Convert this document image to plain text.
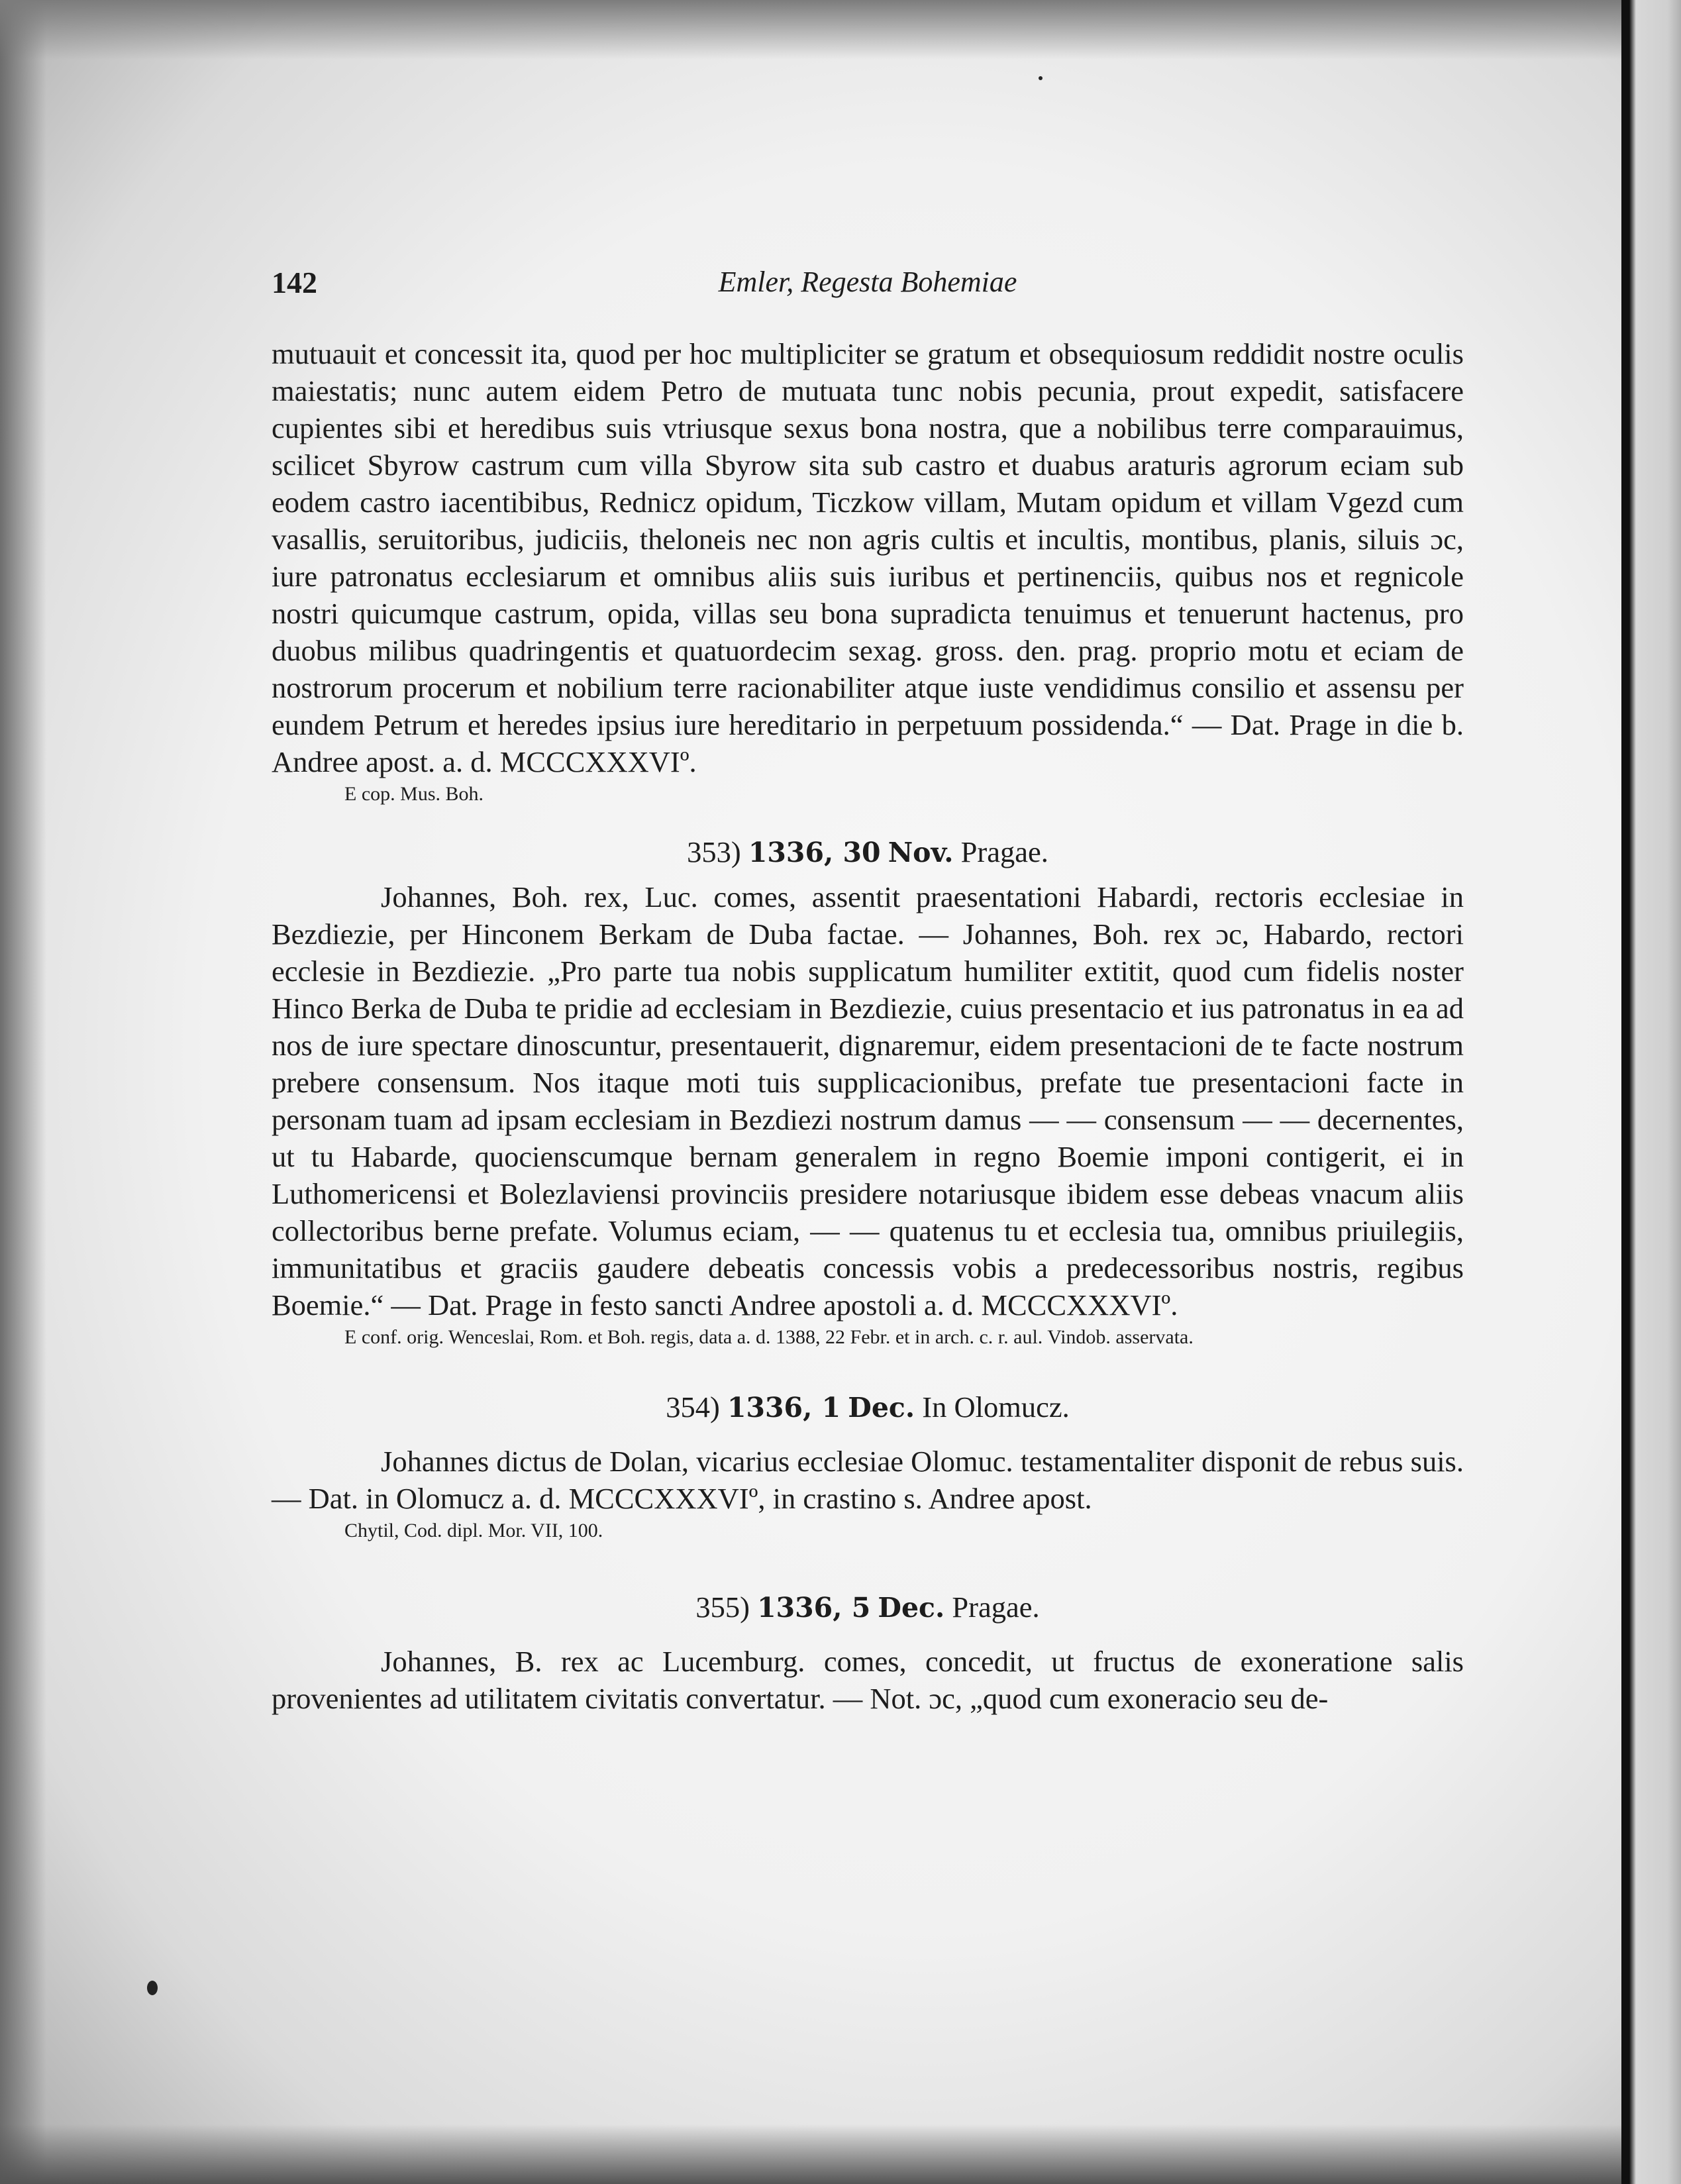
142	Emler, Regesta Bohemiae

mutuauit et concessit ita, quod per hoc multipliciter se gratum et obsequiosum reddidit nostre oculis maiestatis; nunc autem eidem Petro de mutuata tunc nobis pecunia, prout expedit, satisfacere cupientes sibi et heredibus suis vtriusque sexus bona nostra, que a nobilibus terre comparauimus, scilicet Sbyrow castrum cum villa Sbyrow sita sub castro et duabus araturis agrorum eciam sub eodem castro iacentibibus, Rednicz opidum, Ticzkow villam, Mutam opidum et villam Vgezd cum vasallis, seruitoribus, judiciis, theloneis nec non agris cultis et incultis, montibus, planis, siluis ɔc, iure patronatus ecclesiarum et omnibus aliis suis iuribus et pertinenciis, quibus nos et regnicole nostri quicumque castrum, opida, villas seu bona supradicta tenuimus et tenuerunt hactenus, pro duobus milibus quadringentis et quatuordecim sexag. gross. den. prag. proprio motu et eciam de nostrorum procerum et nobilium terre racionabiliter atque iuste vendidimus consilio et assensu per eundem Petrum et heredes ipsius iure hereditario in perpetuum possidenda.“ — Dat. Prage in die b. Andree apost. a. d. MCCCXXXVIº.

E cop. Mus. Boh.

353) 1336, 30 Nov. Pragae.

Johannes, Boh. rex, Luc. comes, assentit praesentationi Habardi, rectoris ecclesiae in Bezdiezie, per Hinconem Berkam de Duba factae. — Johannes, Boh. rex ɔc, Habardo, rectori ecclesie in Bezdiezie. „Pro parte tua nobis supplicatum humiliter extitit, quod cum fidelis noster Hinco Berka de Duba te pridie ad ecclesiam in Bezdiezie, cuius presentacio et ius patronatus in ea ad nos de iure spectare dinoscuntur, presentauerit, dignaremur, eidem presentacioni de te facte nostrum prebere consensum. Nos itaque moti tuis supplicacionibus, prefate tue presentacioni facte in personam tuam ad ipsam ecclesiam in Bezdiezi nostrum damus — — consensum — — decernentes, ut tu Habarde, quocienscumque bernam generalem in regno Boemie imponi contigerit, ei in Luthomericensi et Bolezlaviensi provinciis presidere notariusque ibidem esse debeas vnacum aliis collectoribus berne prefate. Volumus eciam, — — quatenus tu et ecclesia tua, omnibus priuilegiis, immunitatibus et graciis gaudere debeatis concessis vobis a predecessoribus nostris, regibus Boemie.“ — Dat. Prage in festo sancti Andree apostoli a. d. MCCCXXXVIº.

E conf. orig. Wenceslai, Rom. et Boh. regis, data a. d. 1388, 22 Febr. et in arch. c. r. aul. Vindob. asservata.

354) 1336, 1 Dec. In Olomucz.

Johannes dictus de Dolan, vicarius ecclesiae Olomuc. testamentaliter disponit de rebus suis. — Dat. in Olomucz a. d. MCCCXXXVIº, in crastino s. Andree apost.

Chytil, Cod. dipl. Mor. VII, 100.

355) 1336, 5 Dec. Pragae.

Johannes, B. rex ac Lucemburg. comes, concedit, ut fructus de exoneratione salis provenientes ad utilitatem civitatis convertatur. — Not. ɔc, „quod cum exoneracio seu de-
